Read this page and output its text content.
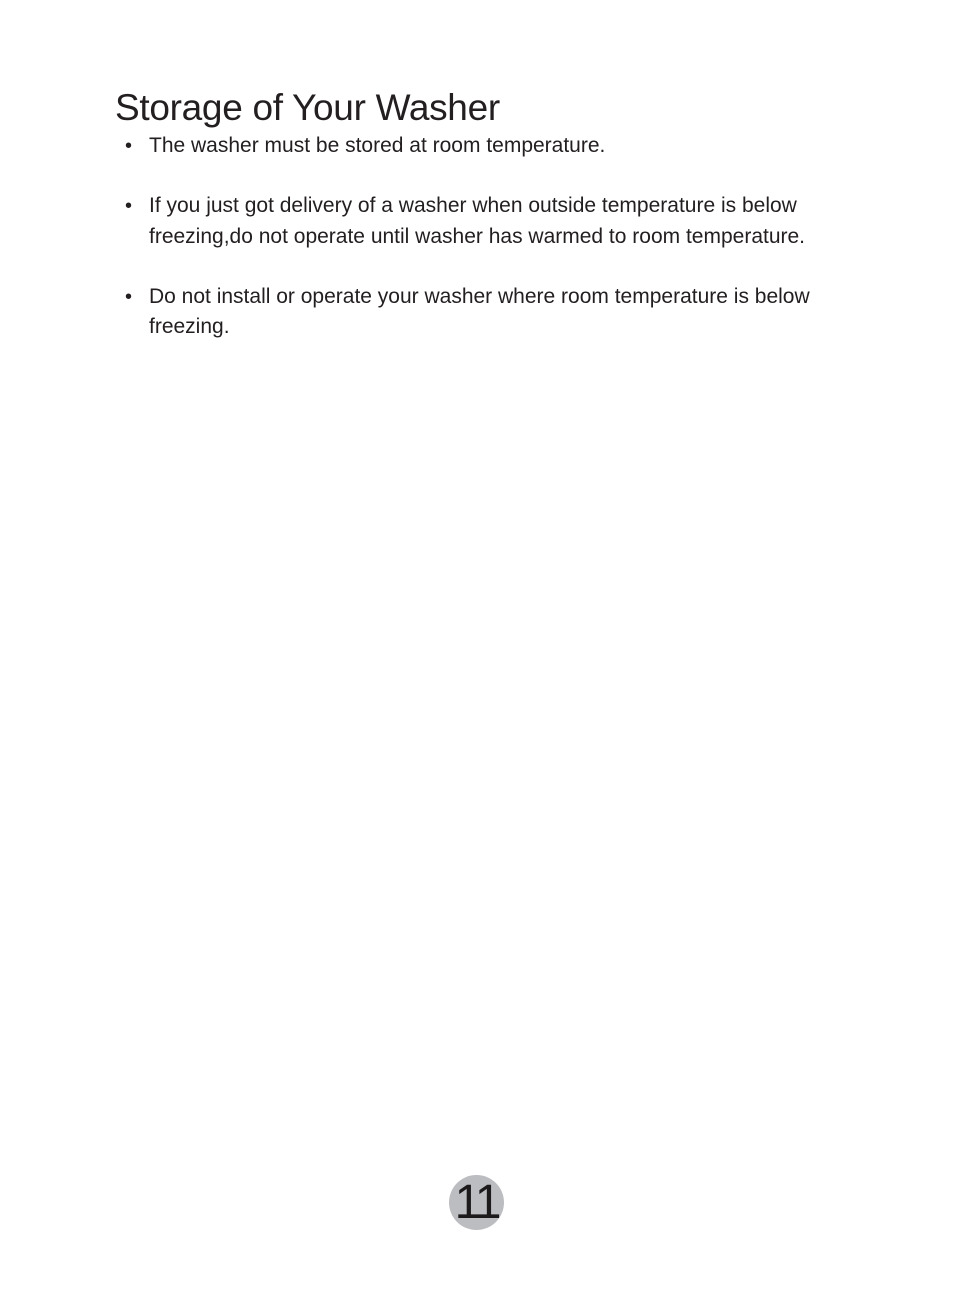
Storage of Your Washer
• The washer must be stored at room temperature.
• If you just got delivery of a washer when outside temperature is below freezing,do not operate until washer has warmed to room temperature.
• Do not install or operate your washer where room temperature is below freezing.
11
